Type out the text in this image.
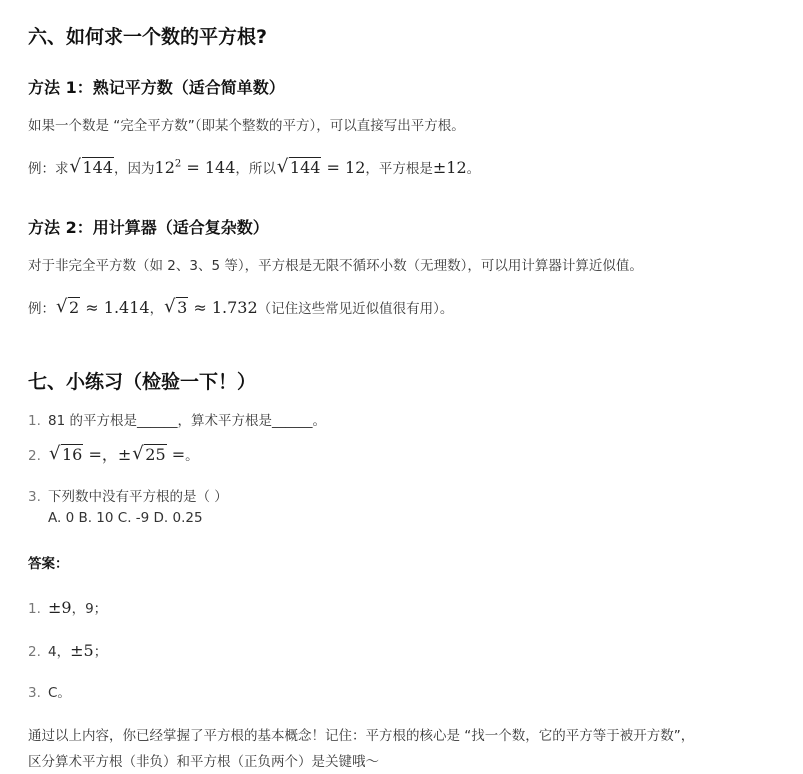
六、如何求一个数的平方根?
方法 1：熟记平方数（适合简单数）
如果一个数是 “完全平方数”（即某个整数的平方），可以直接写出平方根。
例：求 √ 144，因为$12^2 = 144$，所以 √ 144 = 12，平方根是±12。
方法 2：用计算器（适合复杂数）
对于非完全平方数（如 2、3、5 等），平方根是无限不循环小数（无理数），可以用计算器计算近似值。
例： √ 2 ≈ 1.414， √ 3 ≈ 1.732（记住这些常见近似值很有用）。
七、小练习（检验一下！）
1. 81 的平方根是______，算术平方根是______。
2. √ 16 =，± √ 25 =。
3. 下列数中没有平方根的是（ ）
A. 0 B. 10 C. -9 D. 0.25
答案：
1. ±9，9；
2. 4，±5；
3. C。
通过以上内容，你已经掌握了平方根的基本概念！记住：平方根的核心是 “找一个数，它的平方等于被开方数”，
区分算术平方根（非负）和平方根（正负两个）是关键哦～
